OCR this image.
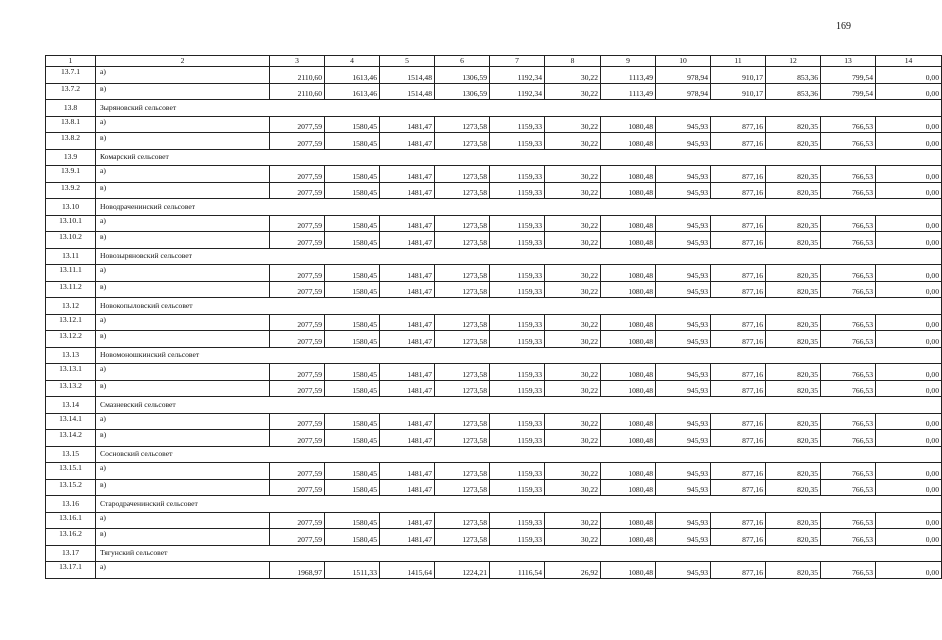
169
1	2	3	4	5	6	7	8	9	10	11	12	13	14
13.7.1	а)	2110,60	1613,46	1514,48	1306,59	1192,34	30,22	1113,49	978,94	910,17	853,36	799,54	0,00
13.7.2	в)	2110,60	1613,46	1514,48	1306,59	1192,34	30,22	1113,49	978,94	910,17	853,36	799,54	0,00
13.8	Зыряновский сельсовет												
13.8.1	а)	2077,59	1580,45	1481,47	1273,58	1159,33	30,22	1080,48	945,93	877,16	820,35	766,53	0,00
13.8.2	в)	2077,59	1580,45	1481,47	1273,58	1159,33	30,22	1080,48	945,93	877,16	820,35	766,53	0,00
13.9	Комарский сельсовет												
13.9.1	а)	2077,59	1580,45	1481,47	1273,58	1159,33	30,22	1080,48	945,93	877,16	820,35	766,53	0,00
13.9.2	в)	2077,59	1580,45	1481,47	1273,58	1159,33	30,22	1080,48	945,93	877,16	820,35	766,53	0,00
13.10	Новодраченинский сельсовет												
13.10.1	а)	2077,59	1580,45	1481,47	1273,58	1159,33	30,22	1080,48	945,93	877,16	820,35	766,53	0,00
13.10.2	в)	2077,59	1580,45	1481,47	1273,58	1159,33	30,22	1080,48	945,93	877,16	820,35	766,53	0,00
13.11	Новозыряновский сельсовет												
13.11.1	а)	2077,59	1580,45	1481,47	1273,58	1159,33	30,22	1080,48	945,93	877,16	820,35	766,53	0,00
13.11.2	в)	2077,59	1580,45	1481,47	1273,58	1159,33	30,22	1080,48	945,93	877,16	820,35	766,53	0,00
13.12	Новокопыловский сельсовет												
13.12.1	а)	2077,59	1580,45	1481,47	1273,58	1159,33	30,22	1080,48	945,93	877,16	820,35	766,53	0,00
13.12.2	в)	2077,59	1580,45	1481,47	1273,58	1159,33	30,22	1080,48	945,93	877,16	820,35	766,53	0,00
13.13	Новомоношкинский сельсовет												
13.13.1	а)	2077,59	1580,45	1481,47	1273,58	1159,33	30,22	1080,48	945,93	877,16	820,35	766,53	0,00
13.13.2	в)	2077,59	1580,45	1481,47	1273,58	1159,33	30,22	1080,48	945,93	877,16	820,35	766,53	0,00
13.14	Смазневский сельсовет												
13.14.1	а)	2077,59	1580,45	1481,47	1273,58	1159,33	30,22	1080,48	945,93	877,16	820,35	766,53	0,00
13.14.2	в)	2077,59	1580,45	1481,47	1273,58	1159,33	30,22	1080,48	945,93	877,16	820,35	766,53	0,00
13.15	Сосновский сельсовет												
13.15.1	а)	2077,59	1580,45	1481,47	1273,58	1159,33	30,22	1080,48	945,93	877,16	820,35	766,53	0,00
13.15.2	в)	2077,59	1580,45	1481,47	1273,58	1159,33	30,22	1080,48	945,93	877,16	820,35	766,53	0,00
13.16	Стародраченинский сельсовет												
13.16.1	а)	2077,59	1580,45	1481,47	1273,58	1159,33	30,22	1080,48	945,93	877,16	820,35	766,53	0,00
13.16.2	в)	2077,59	1580,45	1481,47	1273,58	1159,33	30,22	1080,48	945,93	877,16	820,35	766,53	0,00
13.17	Тягунский сельсовет												
13.17.1	а)	1968,97	1511,33	1415,64	1224,21	1116,54	26,92	1080,48	945,93	877,16	820,35	766,53	0,00
